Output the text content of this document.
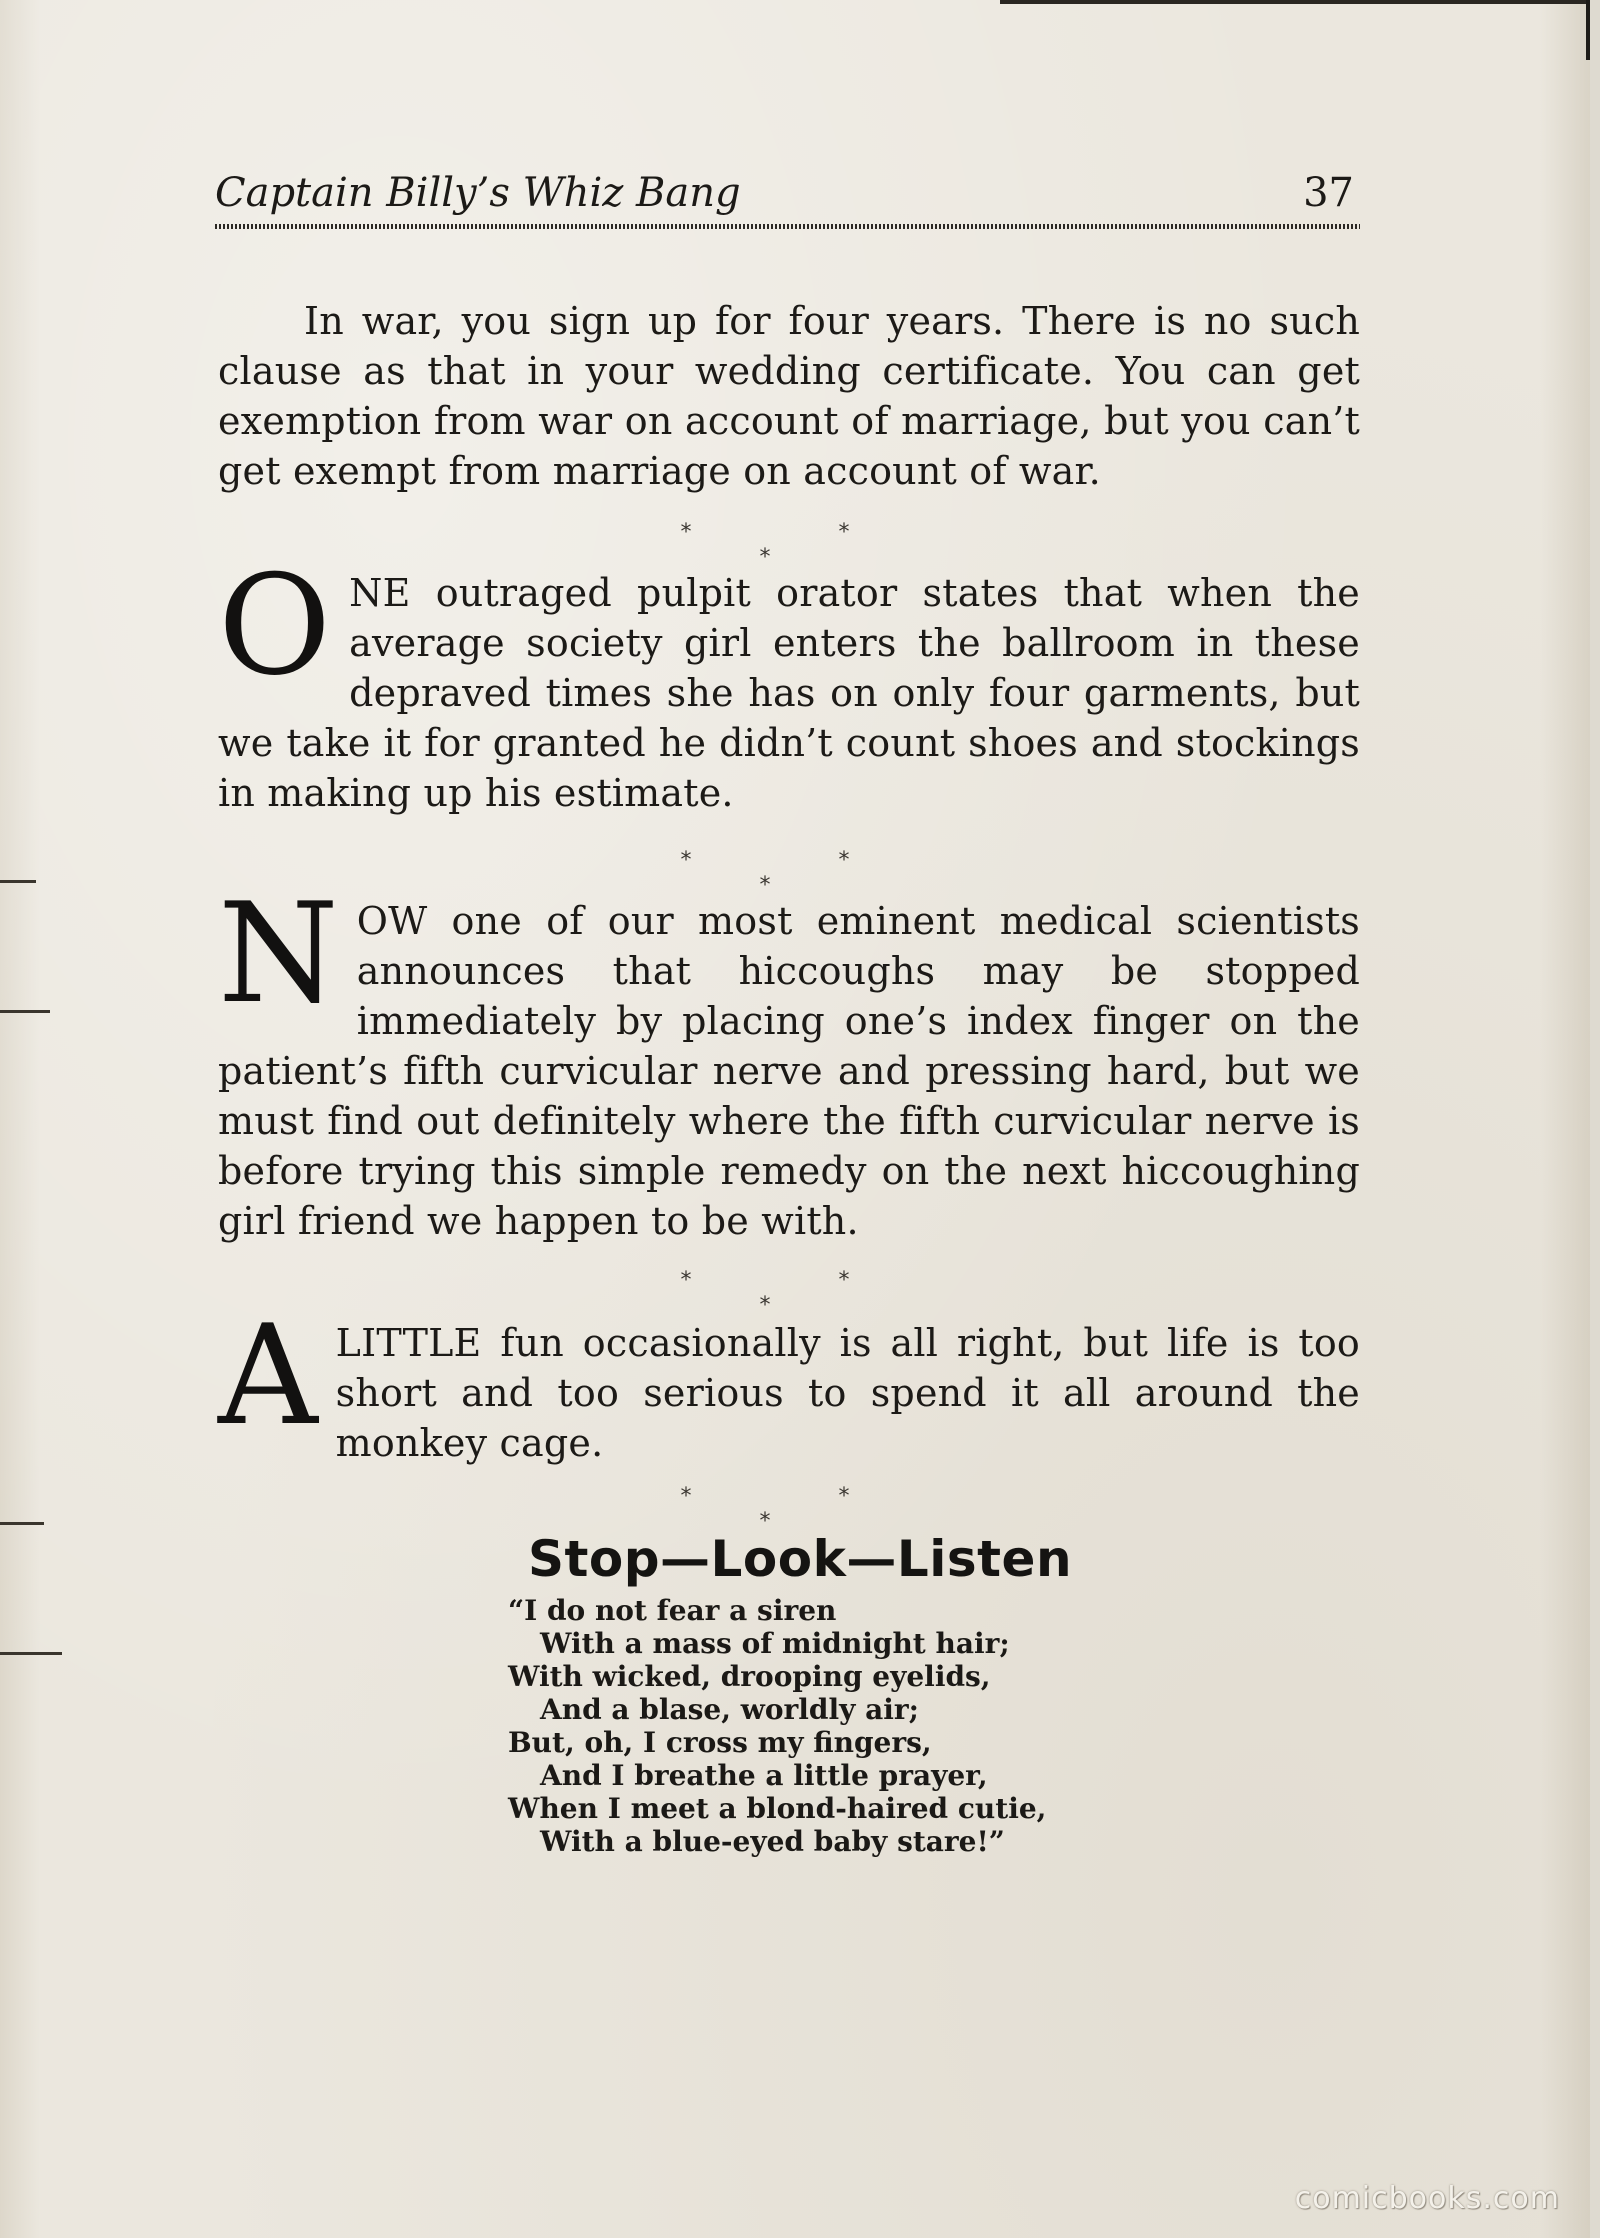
Captain Billy’s Whiz Bang	37
In war, you sign up for four years. There is no such clause as that in your wedding certificate. You can get exemption from war on account of marriage, but you can’t get exempt from marriage on account of war.
* * *
O NE outraged pulpit orator states that when the average society girl enters the ballroom in these depraved times she has on only four garments, but we take it for granted he didn’t count shoes and stockings in making up his estimate.

* * *
N OW one of our most eminent medical scientists announces that hiccoughs may be stopped immediately by placing one’s index finger on the patient’s fifth curvicular nerve and pressing hard, but we must find out definitely where the fifth curvicular nerve is before trying this simple remedy on the next hiccoughing girl friend we happen to be with.

* * *
A LITTLE fun occasionally is all right, but life is too short and too serious to spend it all around the monkey cage.

* * *
Stop—Look—Listen
“I do not fear a siren
With a mass of midnight hair;
With wicked, drooping eyelids,
And a blase, worldly air;
But, oh, I cross my fingers,
And I breathe a little prayer,
When I meet a blond-haired cutie,
With a blue-eyed baby stare!”
comicbooks.com
